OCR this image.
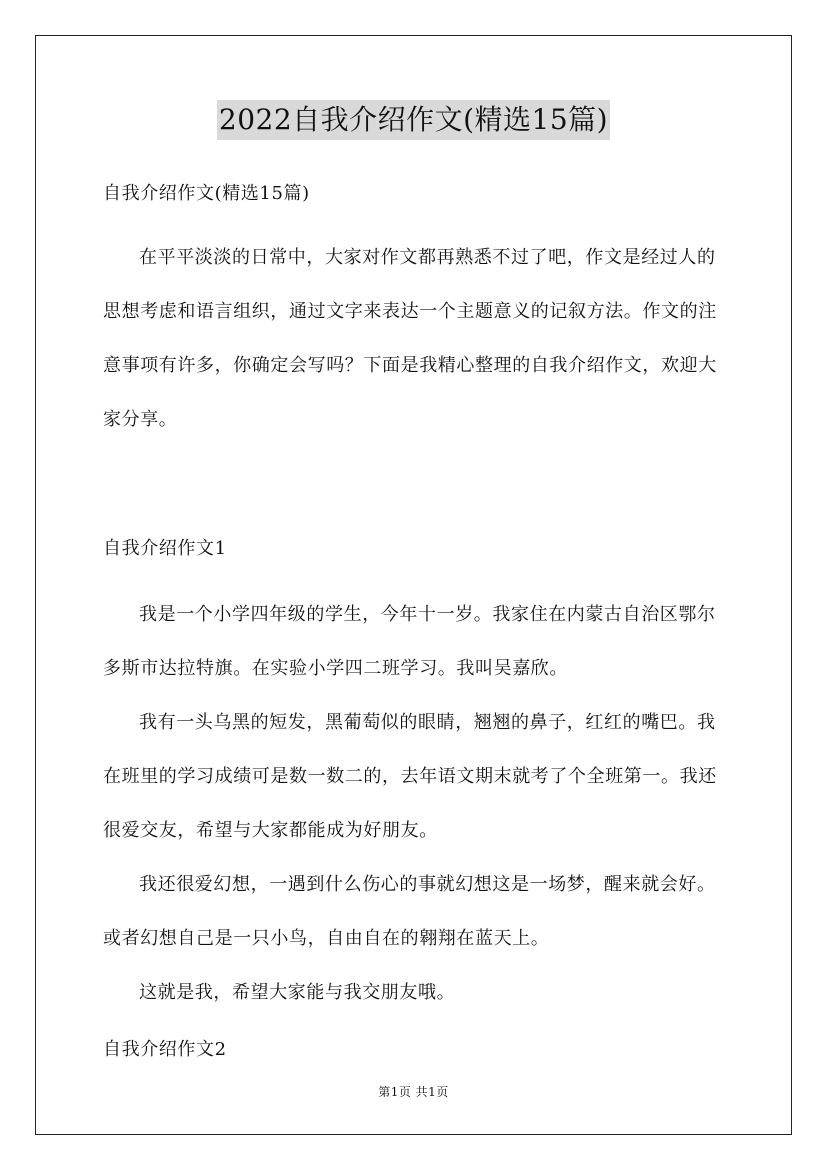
2022自我介绍作文(精选15篇)

自我介绍作文(精选15篇)

在平平淡淡的日常中，大家对作文都再熟悉不过了吧，作文是经过人的思想考虑和语言组织，通过文字来表达一个主题意义的记叙方法。作文的注意事项有许多，你确定会写吗？下面是我精心整理的自我介绍作文，欢迎大家分享。

自我介绍作文1

我是一个小学四年级的学生，今年十一岁。我家住在内蒙古自治区鄂尔多斯市达拉特旗。在实验小学四二班学习。我叫吴嘉欣。

我有一头乌黑的短发，黑葡萄似的眼睛，翘翘的鼻子，红红的嘴巴。我在班里的学习成绩可是数一数二的，去年语文期末就考了个全班第一。我还很爱交友，希望与大家都能成为好朋友。

我还很爱幻想，一遇到什么伤心的事就幻想这是一场梦，醒来就会好。或者幻想自己是一只小鸟，自由自在的翱翔在蓝天上。

这就是我，希望大家能与我交朋友哦。

自我介绍作文2

第1页 共1页
